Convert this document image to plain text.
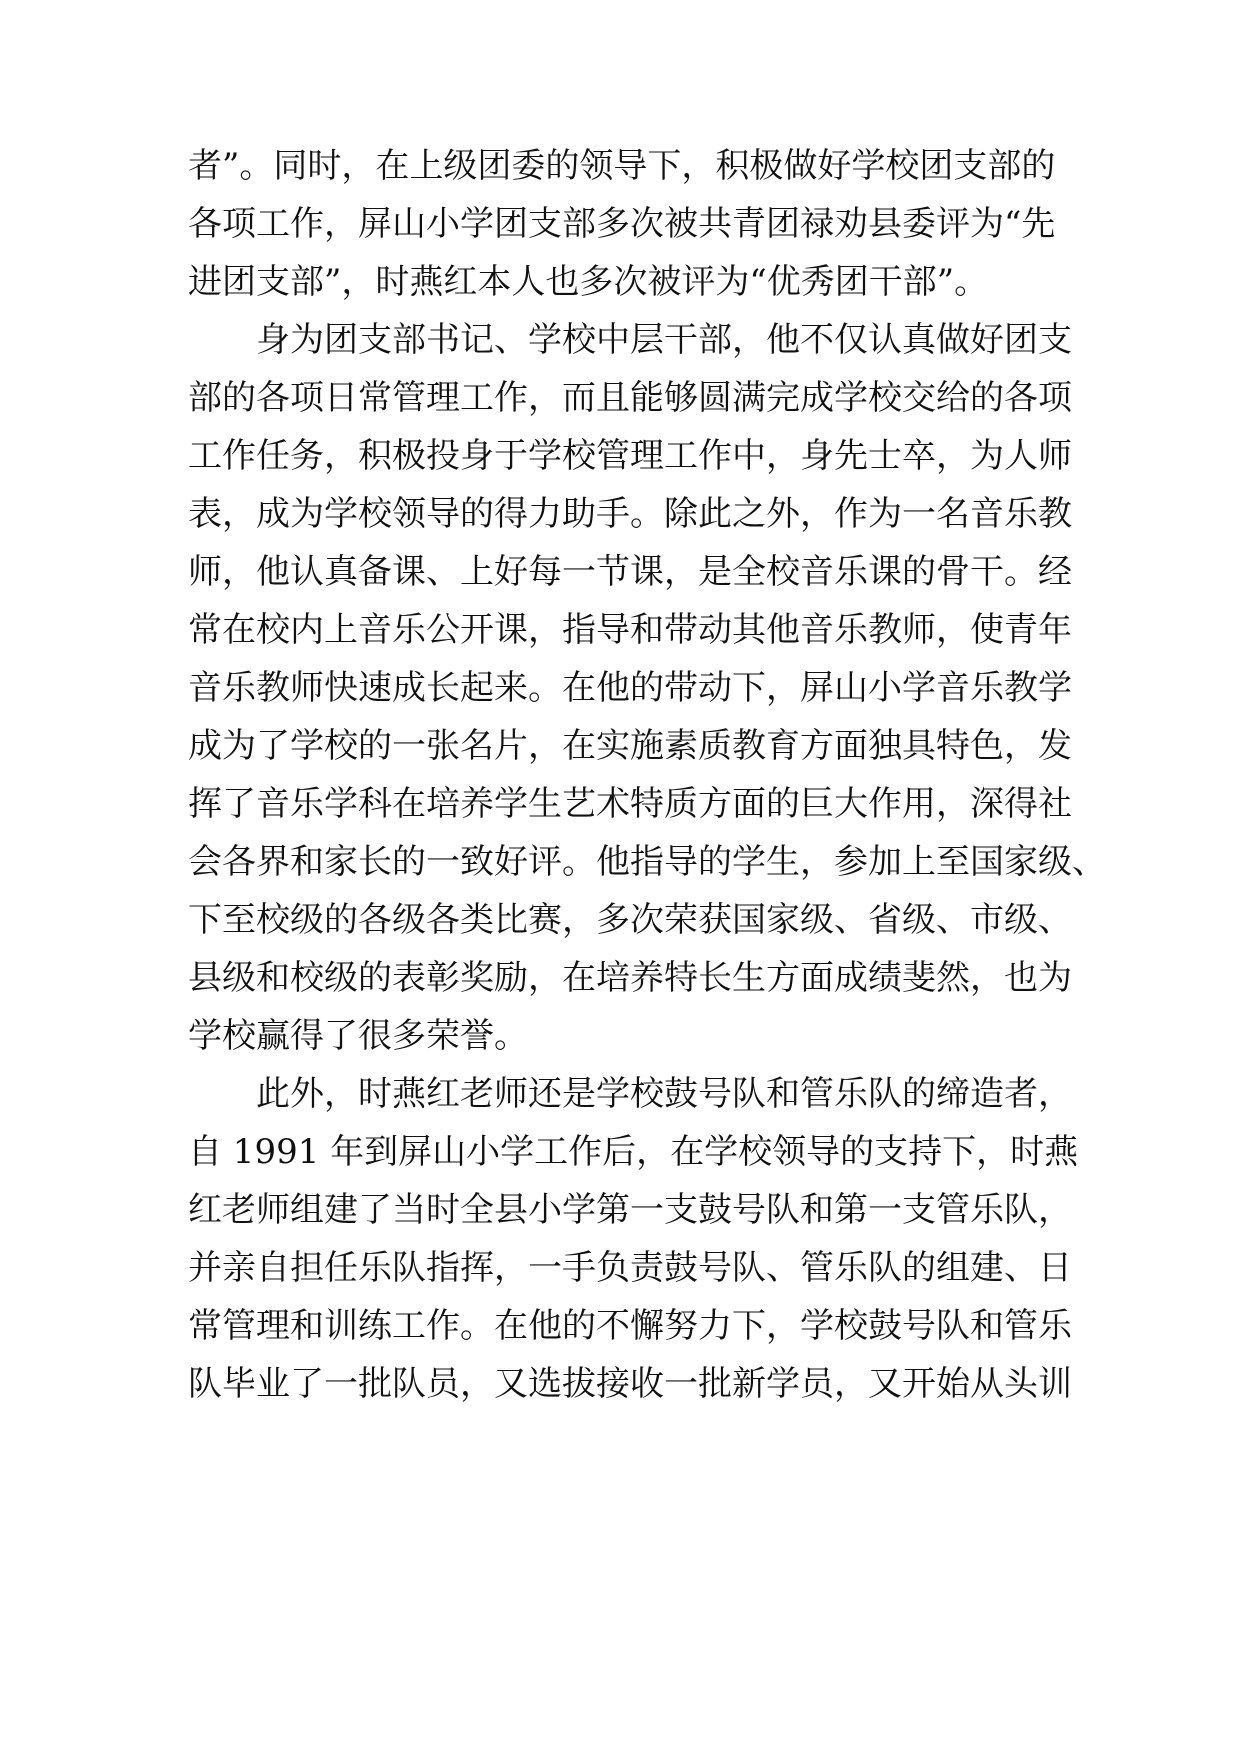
者”。同时，在上级团委的领导下，积极做好学校团支部的
各项工作，屏山小学团支部多次被共青团禄劝县委评为“先
进团支部”，时燕红本人也多次被评为“优秀团干部”。
身为团支部书记、学校中层干部，他不仅认真做好团支
部的各项日常管理工作，而且能够圆满完成学校交给的各项
工作任务，积极投身于学校管理工作中，身先士卒，为人师
表，成为学校领导的得力助手。除此之外，作为一名音乐教
师，他认真备课、上好每一节课，是全校音乐课的骨干。经
常在校内上音乐公开课，指导和带动其他音乐教师，使青年
音乐教师快速成长起来。在他的带动下，屏山小学音乐教学
成为了学校的一张名片，在实施素质教育方面独具特色，发
挥了音乐学科在培养学生艺术特质方面的巨大作用，深得社
会各界和家长的一致好评。他指导的学生，参加上至国家级、
下至校级的各级各类比赛，多次荣获国家级、省级、市级、
县级和校级的表彰奖励，在培养特长生方面成绩斐然，也为
学校赢得了很多荣誉。
此外，时燕红老师还是学校鼓号队和管乐队的缔造者，
自 1991 年到屏山小学工作后，在学校领导的支持下，时燕
红老师组建了当时全县小学第一支鼓号队和第一支管乐队，
并亲自担任乐队指挥，一手负责鼓号队、管乐队的组建、日
常管理和训练工作。在他的不懈努力下，学校鼓号队和管乐
队毕业了一批队员，又选拔接收一批新学员，又开始从头训
